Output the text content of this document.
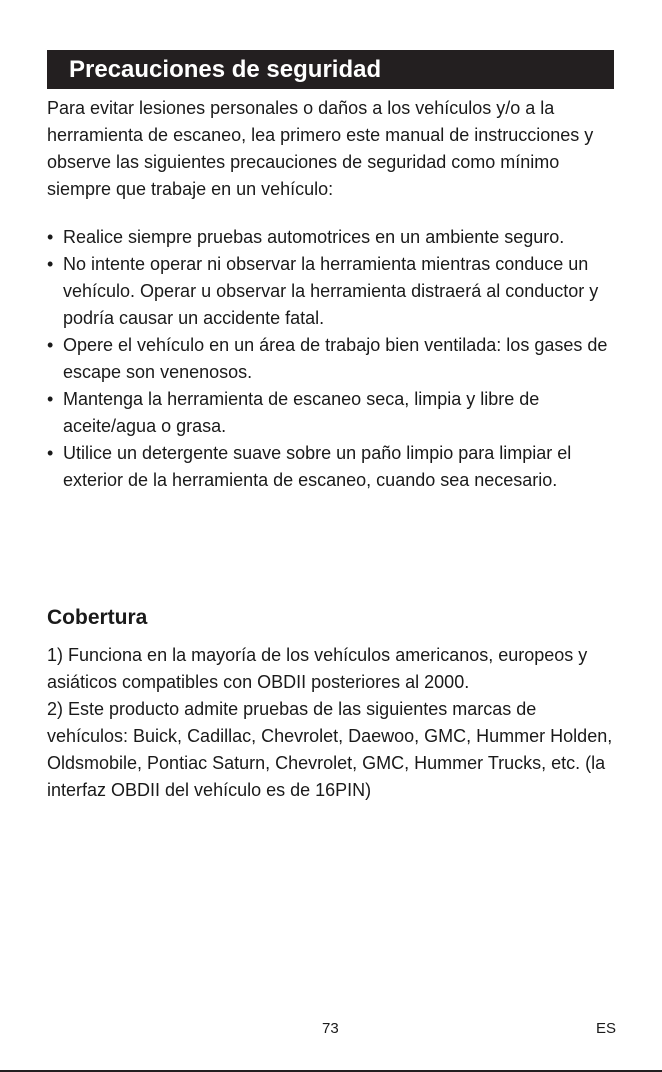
Precauciones de seguridad

Para evitar lesiones personales o daños a los vehículos y/o a la herramienta de escaneo, lea primero este manual de instrucciones y observe las siguientes precauciones de seguridad como mínimo siempre que trabaje en un vehículo:

• Realice siempre pruebas automotrices en un ambiente seguro.
• No intente operar ni observar la herramienta mientras conduce un vehículo. Operar u observar la herramienta distraerá al conductor y podría causar un accidente fatal.
• Opere el vehículo en un área de trabajo bien ventilada: los gases de escape son venenosos.
• Mantenga la herramienta de escaneo seca, limpia y libre de aceite/agua o grasa.
• Utilice un detergente suave sobre un paño limpio para limpiar el exterior de la herramienta de escaneo, cuando sea necesario.
Cobertura

1) Funciona en la mayoría de los vehículos americanos, europeos y asiáticos compatibles con OBDII posteriores al 2000.

2) Este producto admite pruebas de las siguientes marcas de vehículos: Buick, Cadillac, Chevrolet, Daewoo, GMC, Hummer Holden, Oldsmobile, Pontiac Saturn, Chevrolet, GMC, Hummer Trucks, etc. (la interfaz OBDII del vehículo es de 16PIN)

73	ES
